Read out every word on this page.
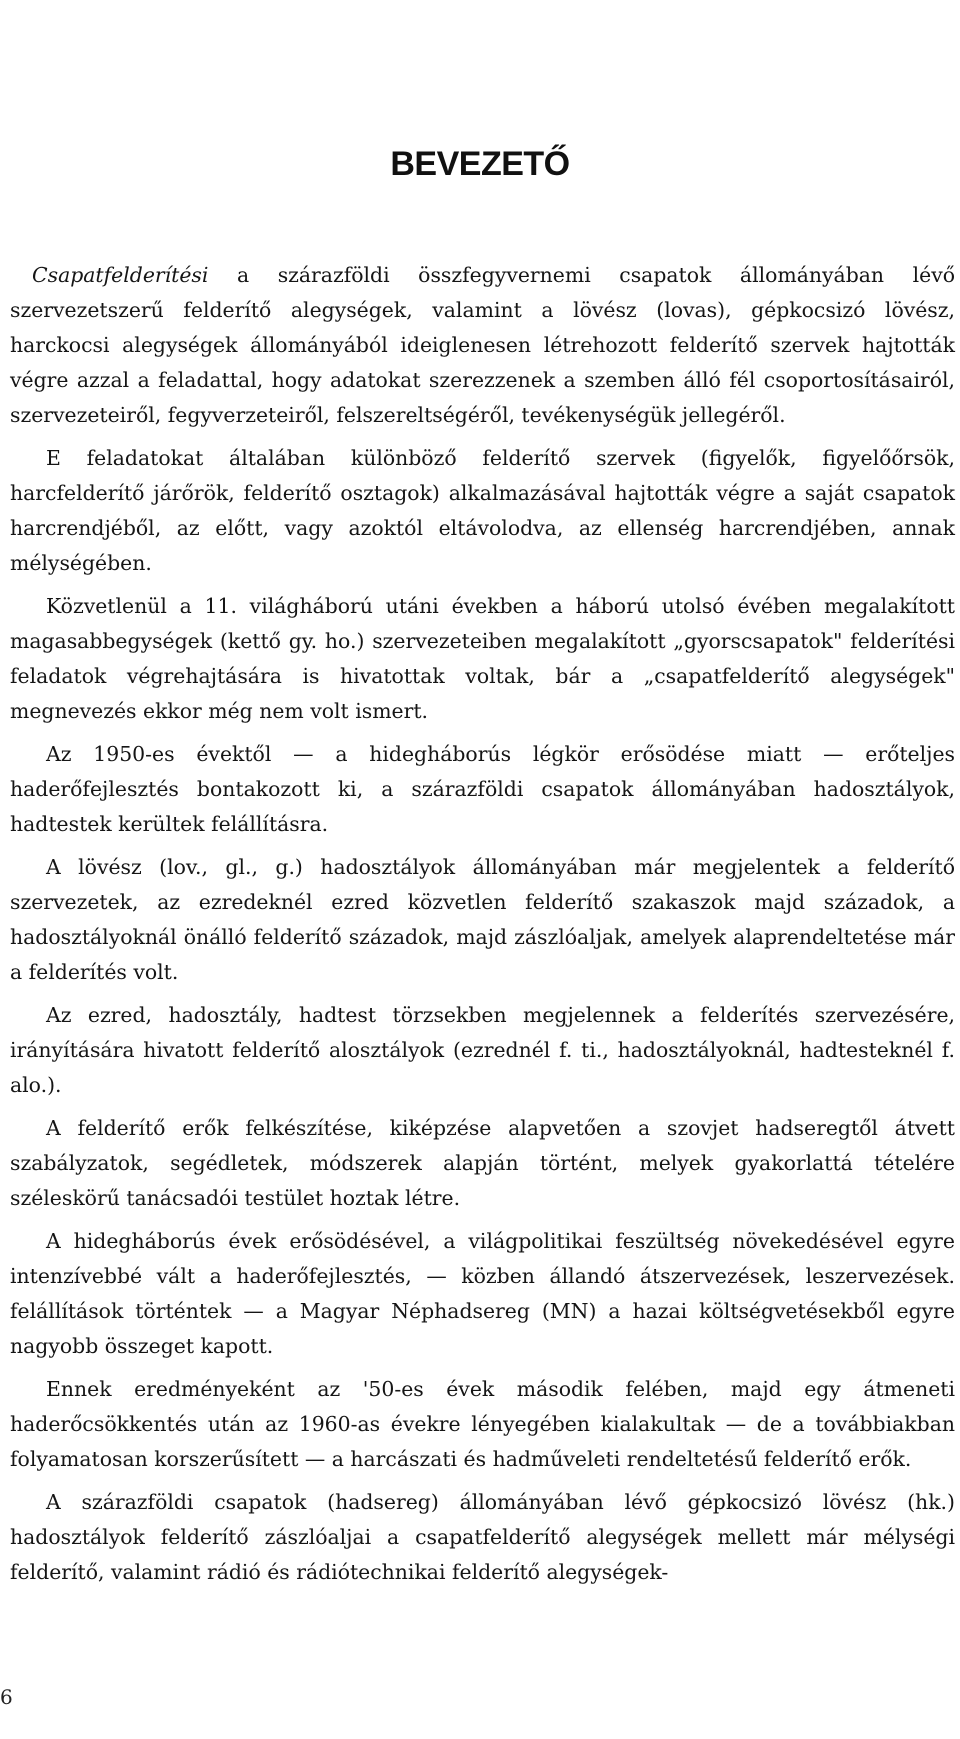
BEVEZETŐ

Csapatfelderítési a szárazföldi összfegyvernemi csapatok állományában lévő szervezetszerű felderítő alegységek, valamint a lövész (lovas), gépkocsizó lövész, harckocsi alegységek állományából ideiglenesen létrehozott felderítő szervek hajtották végre azzal a feladattal, hogy adatokat szerezzenek a szemben álló fél csoportosításairól, szervezeteiről, fegyverzeteiről, felszereltségéről, tevékenységük jellegéről.

E feladatokat általában különböző felderítő szervek (figyelők, figyelőőrsök, harcfelderítő járőrök, felderítő osztagok) alkalmazásával hajtották végre a saját csapatok harcrendjéből, az előtt, vagy azoktól eltávolodva, az ellenség harcrendjében, annak mélységében.

Közvetlenül a 11. világháború utáni években a háború utolsó évében megalakított magasabbegységek (kettő gy. ho.) szervezeteiben megalakított „gyorscsapatok" felderítési feladatok végrehajtására is hivatottak voltak, bár a „csapatfelderítő alegységek" megnevezés ekkor még nem volt ismert.

Az 1950-es évektől — a hidegháborús légkör erősödése miatt — erőteljes haderőfejlesztés bontakozott ki, a szárazföldi csapatok állományában hadosztályok, hadtestek kerültek felállításra.

A lövész (lov., gl., g.) hadosztályok állományában már megjelentek a felderítő szervezetek, az ezredeknél ezred közvetlen felderítő szakaszok majd századok, a hadosztályoknál önálló felderítő századok, majd zászlóaljak, amelyek alaprendeltetése már a felderítés volt.

Az ezred, hadosztály, hadtest törzsekben megjelennek a felderítés szervezésére, irányítására hivatott felderítő alosztályok (ezrednél f. ti., hadosztályoknál, hadtesteknél f. alo.).

A felderítő erők felkészítése, kiképzése alapvetően a szovjet hadseregtől átvett szabályzatok, segédletek, módszerek alapján történt, melyek gyakorlattá tételére széleskörű tanácsadói testület hoztak létre.

A hidegháborús évek erősödésével, a világpolitikai feszültség növekedésével egyre intenzívebbé vált a haderőfejlesztés, — közben állandó átszervezések, leszervezések. felállítások történtek — a Magyar Néphadsereg (MN) a hazai költségvetésekből egyre nagyobb összeget kapott.

Ennek eredményeként az '50-es évek második felében, majd egy átmeneti haderőcsökkentés után az 1960-as évekre lényegében kialakultak — de a továbbiakban folyamatosan korszerűsített — a harcászati és hadműveleti rendeltetésű felderítő erők.

A szárazföldi csapatok (hadsereg) állományában lévő gépkocsizó lövész (hk.) hadosztályok felderítő zászlóaljai a csapatfelderítő alegységek mellett már mélységi felderítő, valamint rádió és rádiótechnikai felderítő alegységek-

6
